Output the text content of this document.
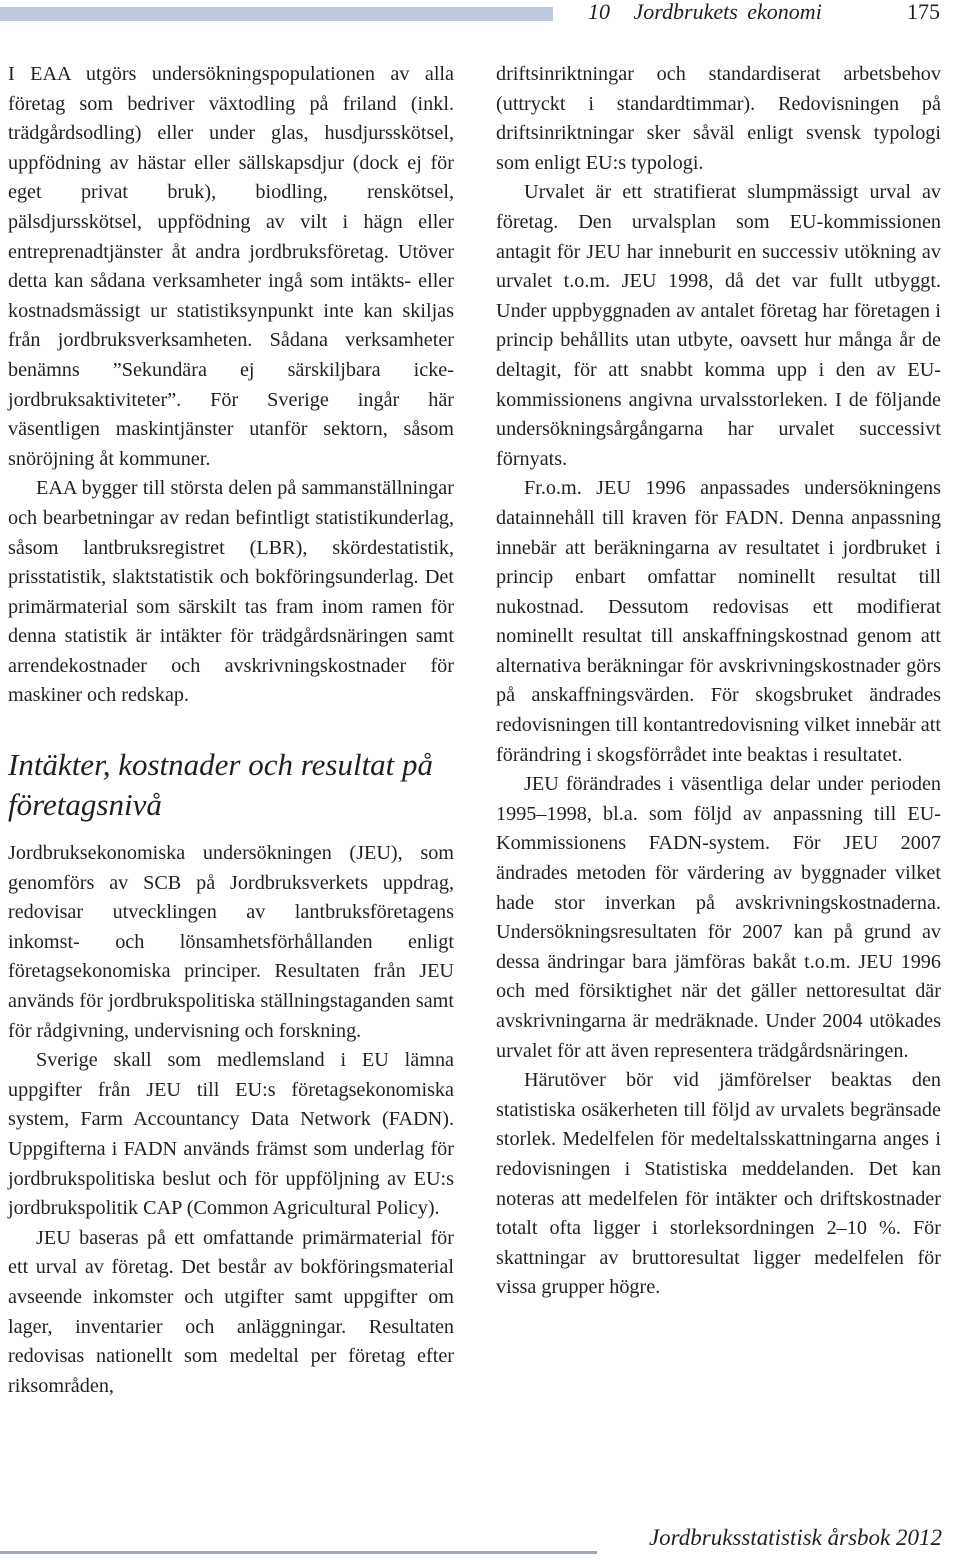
10 Jordbrukets ekonomi	175

I EAA utgörs undersökningspopulationen av alla företag som bedriver växtodling på friland (inkl. trädgårdsodling) eller under glas, husdjursskötsel, uppfödning av hästar eller sällskapsdjur (dock ej för eget privat bruk), biodling, renskötsel, pälsdjursskötsel, uppfödning av vilt i hägn eller entreprenadtjänster åt andra jordbruksföretag. Utöver detta kan sådana verksamheter ingå som intäkts- eller kostnadsmässigt ur statistiksynpunkt inte kan skiljas från jordbruksverksamheten. Sådana verksamheter benämns ”Sekundära ej särskiljbara icke-jordbruksaktiviteter”. För Sverige ingår här väsentligen maskintjänster utanför sektorn, såsom snöröjning åt kommuner.

EAA bygger till största delen på sammanställningar och bearbetningar av redan befintligt statistikunderlag, såsom lantbruksregistret (LBR), skördestatistik, prisstatistik, slaktstatistik och bokföringsunderlag. Det primärmaterial som särskilt tas fram inom ramen för denna statistik är intäkter för trädgårdsnäringen samt arrendekostnader och avskrivningskostnader för maskiner och redskap.

Intäkter, kostnader och resultat på företagsnivå

Jordbruksekonomiska undersökningen (JEU), som genomförs av SCB på Jordbruksverkets uppdrag, redovisar utvecklingen av lantbruksföretagens inkomst- och lönsamhetsförhållanden enligt företagsekonomiska principer. Resultaten från JEU används för jordbrukspolitiska ställningstaganden samt för rådgivning, undervisning och forskning.

Sverige skall som medlemsland i EU lämna uppgifter från JEU till EU:s företagsekonomiska system, Farm Accountancy Data Network (FADN). Uppgifterna i FADN används främst som underlag för jordbrukspolitiska beslut och för uppföljning av EU:s jordbrukspolitik CAP (Common Agricultural Policy).

JEU baseras på ett omfattande primärmaterial för ett urval av företag. Det består av bokföringsmaterial avseende inkomster och utgifter samt uppgifter om lager, inventarier och anläggningar. Resultaten redovisas nationellt som medeltal per företag efter riksområden,

driftsinriktningar och standardiserat arbetsbehov (uttryckt i standardtimmar). Redovisningen på driftsinriktningar sker såväl enligt svensk typologi som enligt EU:s typologi.

Urvalet är ett stratifierat slumpmässigt urval av företag. Den urvalsplan som EU-kommissionen antagit för JEU har inneburit en successiv utökning av urvalet t.o.m. JEU 1998, då det var fullt utbyggt. Under uppbyggnaden av antalet företag har företagen i princip behållits utan utbyte, oavsett hur många år de deltagit, för att snabbt komma upp i den av EU-kommissionens angivna urvalsstorleken. I de följande undersökningsårgångarna har urvalet successivt förnyats.

Fr.o.m. JEU 1996 anpassades undersökningens datainnehåll till kraven för FADN. Denna anpassning innebär att beräkningarna av resultatet i jordbruket i princip enbart omfattar nominellt resultat till nukostnad. Dessutom redovisas ett modifierat nominellt resultat till anskaffningskostnad genom att alternativa beräkningar för avskrivningskostnader görs på anskaffningsvärden. För skogsbruket ändrades redovisningen till kontantredovisning vilket innebär att förändring i skogsförrådet inte beaktas i resultatet.

JEU förändrades i väsentliga delar under perioden 1995–1998, bl.a. som följd av anpassning till EU-Kommissionens FADN-system. För JEU 2007 ändrades metoden för värdering av byggnader vilket hade stor inverkan på avskrivningskostnaderna. Undersökningsresultaten för 2007 kan på grund av dessa ändringar bara jämföras bakåt t.o.m. JEU 1996 och med försiktighet när det gäller nettoresultat där avskrivningarna är medräknade. Under 2004 utökades urvalet för att även representera trädgårdsnäringen.

Härutöver bör vid jämförelser beaktas den statistiska osäkerheten till följd av urvalets begränsade storlek. Medelfelen för medeltalsskattningarna anges i redovisningen i Statistiska meddelanden. Det kan noteras att medelfelen för intäkter och driftskostnader totalt ofta ligger i storleksordningen 2–10 %. För skattningar av bruttoresultat ligger medelfelen för vissa grupper högre.

Jordbruksstatistisk årsbok 2012
